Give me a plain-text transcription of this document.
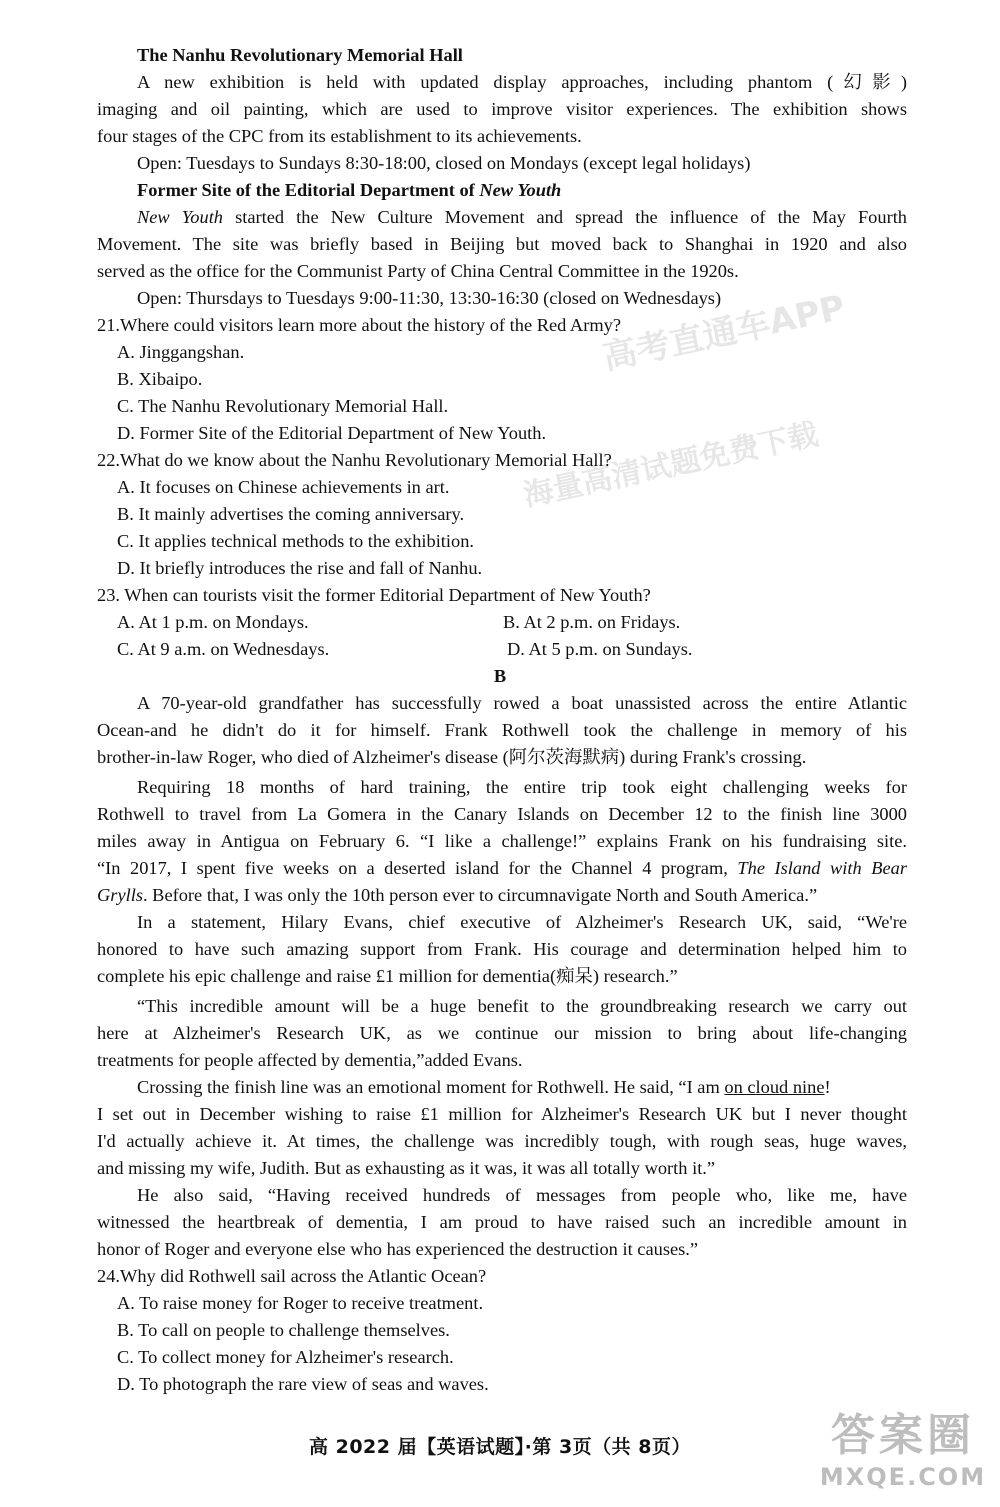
高考直通车APP
海量高清试题免费下载
The Nanhu Revolutionary Memorial Hall
A new exhibition is held with updated display approaches, including phantom (幻影)
imaging and oil painting, which are used to improve visitor experiences. The exhibition shows
four stages of the CPC from its establishment to its achievements.
Open: Tuesdays to Sundays 8:30-18:00, closed on Mondays (except legal holidays)
Former Site of the Editorial Department of New Youth
New Youth started the New Culture Movement and spread the influence of the May Fourth
Movement. The site was briefly based in Beijing but moved back to Shanghai in 1920 and also
served as the office for the Communist Party of China Central Committee in the 1920s.
Open: Thursdays to Tuesdays 9:00-11:30, 13:30-16:30 (closed on Wednesdays)
21.Where could visitors learn more about the history of the Red Army?
A. Jinggangshan.
B. Xibaipo.
C. The Nanhu Revolutionary Memorial Hall.
D. Former Site of the Editorial Department of New Youth.
22.What do we know about the Nanhu Revolutionary Memorial Hall?
A. It focuses on Chinese achievements in art.
B. It mainly advertises the coming anniversary.
C. It applies technical methods to the exhibition.
D. It briefly introduces the rise and fall of Nanhu.
23. When can tourists visit the former Editorial Department of New Youth?
A. At 1 p.m. on Mondays.	B. At 2 p.m. on Fridays.
C. At 9 a.m. on Wednesdays.	D. At 5 p.m. on Sundays.
B
A 70-year-old grandfather has successfully rowed a boat unassisted across the entire Atlantic
Ocean-and he didn't do it for himself. Frank Rothwell took the challenge in memory of his
brother-in-law Roger, who died of Alzheimer's disease (阿尔茨海默病) during Frank's crossing.
Requiring 18 months of hard training, the entire trip took eight challenging weeks for
Rothwell to travel from La Gomera in the Canary Islands on December 12 to the finish line 3000
miles away in Antigua on February 6. “I like a challenge!” explains Frank on his fundraising site.
“In 2017, I spent five weeks on a deserted island for the Channel 4 program, The Island with Bear
Grylls. Before that, I was only the 10th person ever to circumnavigate North and South America.”
In a statement, Hilary Evans, chief executive of Alzheimer's Research UK, said, “We're
honored to have such amazing support from Frank. His courage and determination helped him to
complete his epic challenge and raise £1 million for dementia(痴呆) research.”
“This incredible amount will be a huge benefit to the groundbreaking research we carry out
here at Alzheimer's Research UK, as we continue our mission to bring about life-changing
treatments for people affected by dementia,”added Evans.
Crossing the finish line was an emotional moment for Rothwell. He said, “I am on cloud nine!
I set out in December wishing to raise £1 million for Alzheimer's Research UK but I never thought
I'd actually achieve it. At times, the challenge was incredibly tough, with rough seas, huge waves,
and missing my wife, Judith. But as exhausting as it was, it was all totally worth it.”
He also said, “Having received hundreds of messages from people who, like me, have
witnessed the heartbreak of dementia, I am proud to have raised such an incredible amount in
honor of Roger and everyone else who has experienced the destruction it causes.”
24.Why did Rothwell sail across the Atlantic Ocean?
A. To raise money for Roger to receive treatment.
B. To call on people to challenge themselves.
C. To collect money for Alzheimer's research.
D. To photograph the rare view of seas and waves.
高 2022 届【英语试题】·第 3页（共 8页）	答案圈
MXQE.COM
